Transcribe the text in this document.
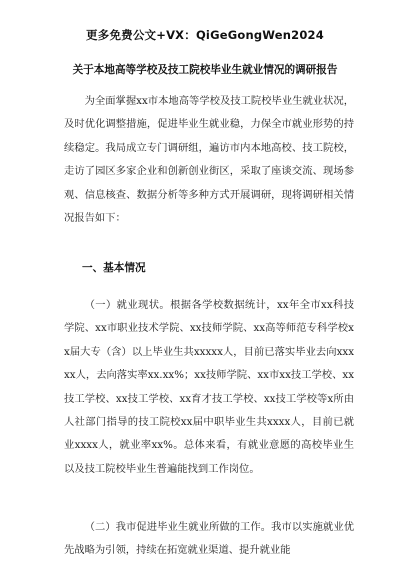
更多免费公文+VX：QiGeGongWen2024
关于本地高等学校及技工院校毕业生就业情况的调研报告
为全面掌握xx市本地高等学校及技工院校毕业生就业状况，及时优化调整措施，促进毕业生就业稳，力保全市就业形势的持续稳定。我局成立专门调研组，遍访市内本地高校、技工院校，走访了园区多家企业和创新创业街区，采取了座谈交流、现场参观、信息核查、数据分析等多种方式开展调研，现将调研相关情况报告如下：
一、基本情况
（一）就业现状。根据各学校数据统计，xx年全市xx科技学院、xx市职业技术学院、xx技师学院、xx高等师范专科学校xx届大专（含）以上毕业生共xxxxx人，目前已落实毕业去向xxxxx人，去向落实率xx.xx%；xx技师学院、xx市xx技工学校、xx技工学校、xx技工学校、xx育才技工学校、xx技工学校等x所由人社部门指导的技工院校xx届中职毕业生共xxxx人，目前已就业xxxx人，就业率xx%。总体来看，有就业意愿的高校毕业生以及技工院校毕业生普遍能找到工作岗位。
（二）我市促进毕业生就业所做的工作。我市以实施就业优先战略为引领，持续在拓宽就业渠道、提升就业能
